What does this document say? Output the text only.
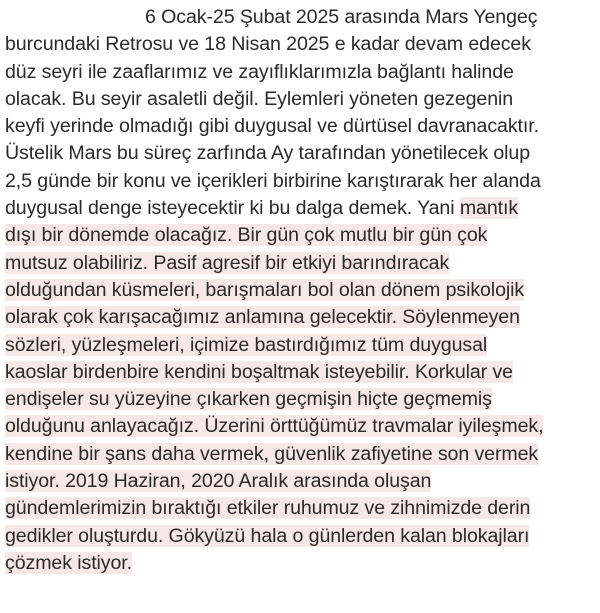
6 Ocak-25 Şubat 2025 arasında Mars Yengeç
burcundaki Retrosu ve 18 Nisan 2025 e kadar devam edecek
düz seyri ile zaaflarımız ve zayıflıklarımızla bağlantı halinde
olacak. Bu seyir asaletli değil. Eylemleri yöneten gezegenin
keyfi yerinde olmadığı gibi duygusal ve dürtüsel davranacaktır.
Üstelik Mars bu süreç zarfında Ay tarafından yönetilecek olup
2,5 günde bir konu ve içerikleri birbirine karıştırarak her alanda
duygusal denge isteyecektir ki bu dalga demek. Yani mantık
dışı bir dönemde olacağız. Bir gün çok mutlu bir gün çok
mutsuz olabiliriz. Pasif agresif bir etkiyi barındıracak
olduğundan küsmeleri, barışmaları bol olan dönem psikolojik
olarak çok karışacağımız anlamına gelecektir. Söylenmeyen
sözleri, yüzleşmeleri, içimize bastırdığımız tüm duygusal
kaoslar birdenbire kendini boşaltmak isteyebilir. Korkular ve
endişeler su yüzeyine çıkarken geçmişin hiçte geçmemiş
olduğunu anlayacağız. Üzerini örttüğümüz travmalar iyileşmek,
kendine bir şans daha vermek, güvenlik zafiyetine son vermek
istiyor. 2019 Haziran, 2020 Aralık arasında oluşan
gündemlerimizin bıraktığı etkiler ruhumuz ve zihnimizde derin
gedikler oluşturdu. Gökyüzü hala o günlerden kalan blokajları
çözmek istiyor.
